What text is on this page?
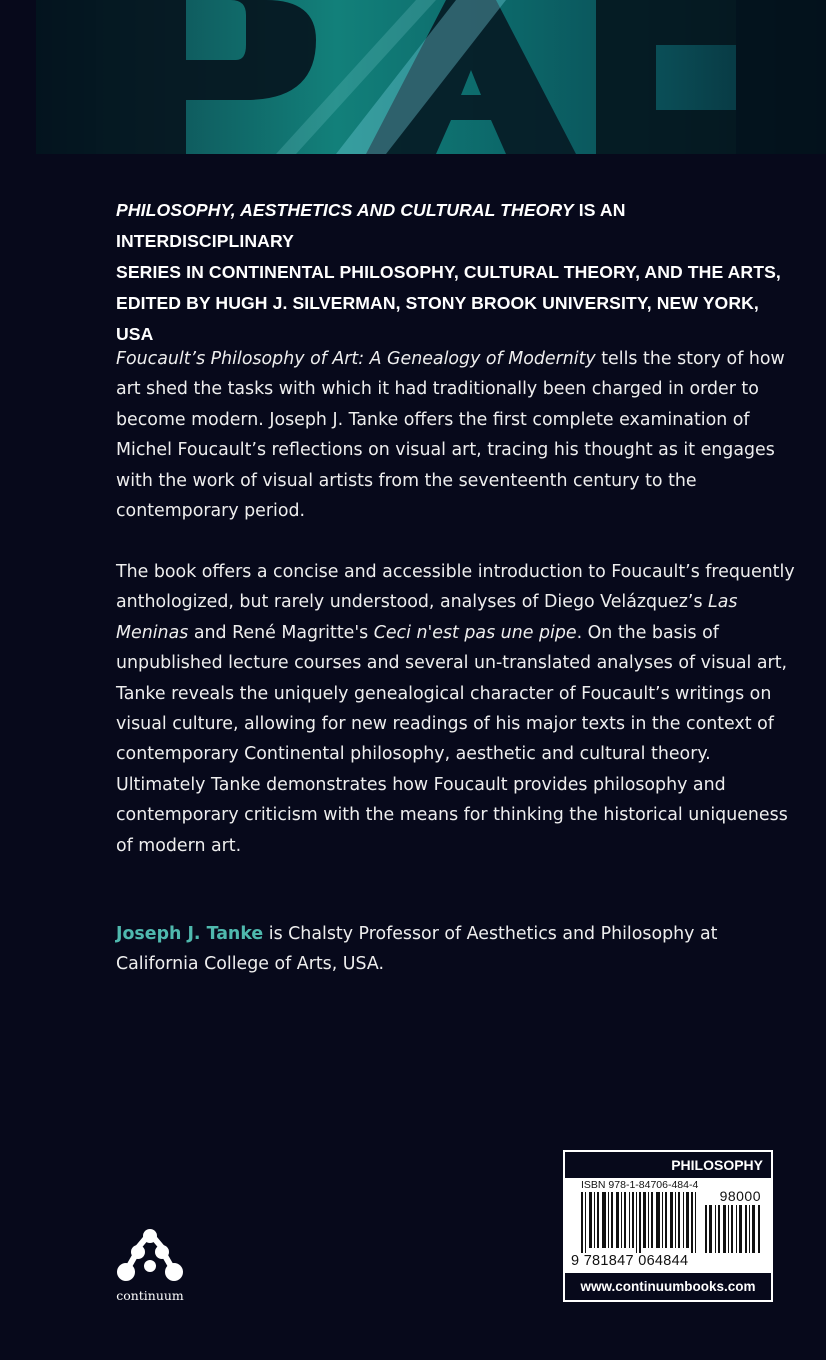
PHILOSOPHY, AESTHETICS AND CULTURAL THEORY IS AN INTERDISCIPLINARY
SERIES IN CONTINENTAL PHILOSOPHY, CULTURAL THEORY, AND THE ARTS,
EDITED BY HUGH J. SILVERMAN, STONY BROOK UNIVERSITY, NEW YORK, USA

Foucault’s Philosophy of Art: A Genealogy of Modernity tells the story of how art shed the tasks with which it had traditionally been charged in order to become modern. Joseph J. Tanke offers the first complete examination of Michel Foucault’s reflections on visual art, tracing his thought as it engages with the work of visual artists from the seventeenth century to the contemporary period.

The book offers a concise and accessible introduction to Foucault’s frequently anthologized, but rarely understood, analyses of Diego Velázquez’s Las Meninas and René Magritte's Ceci n'est pas une pipe. On the basis of unpublished lecture courses and several un-translated analyses of visual art, Tanke reveals the uniquely genealogical character of Foucault’s writings on visual culture, allowing for new readings of his major texts in the context of contemporary Continental philosophy, aesthetic and cultural theory. Ultimately Tanke demonstrates how Foucault provides philosophy and contemporary criticism with the means for thinking the historical uniqueness of modern art.

Joseph J. Tanke is Chalsty Professor of Aesthetics and Philosophy at California College of Arts, USA.

continuum
PHILOSOPHY
ISBN 978-1-84706-484-4
98000
9 781847 064844
www.continuumbooks.com
